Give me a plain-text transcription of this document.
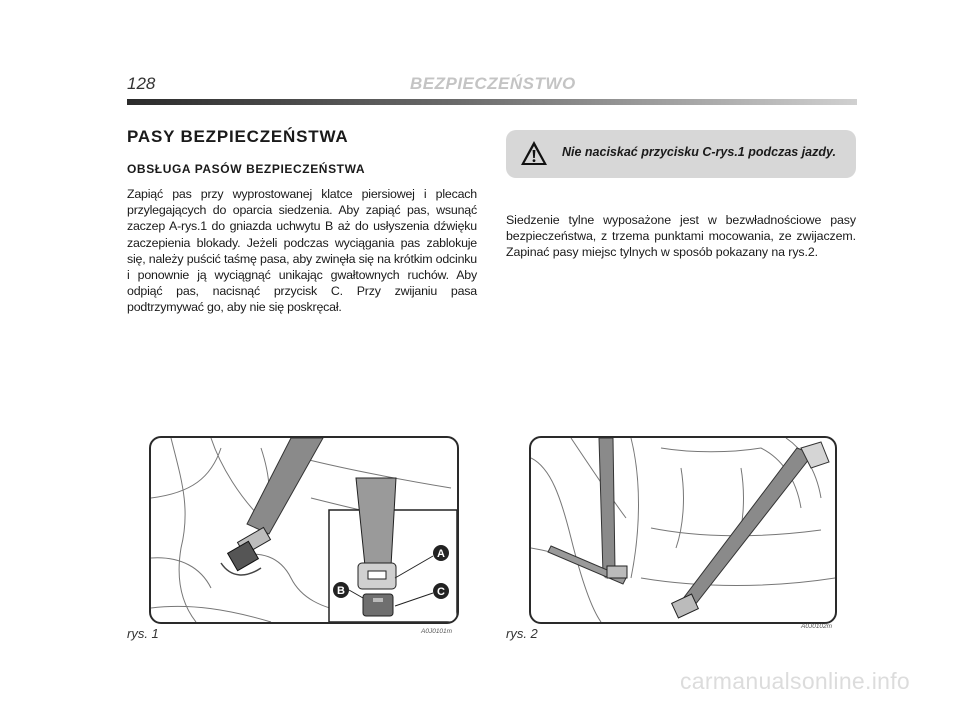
128	BEZPIECZEŃSTWO
PASY BEZPIECZEŃSTWA
OBSŁUGA PASÓW BEZPIECZEŃSTWA

Zapiąć pas przy wyprostowanej klatce piersiowej i plecach przylegających do oparcia siedzenia. Aby zapiąć pas, wsunąć zaczep A-rys.1 do gniazda uchwytu B aż do usłyszenia dźwięku zaczepienia blokady. Jeżeli podczas wyciągania pas zablokuje się, należy puścić taśmę pasa, aby zwinęła się na krótkim odcinku i ponownie ją wyciągnąć unikając gwałtownych ruchów. Aby odpiąć pas, nacisnąć przycisk C. Przy zwijaniu pasa podtrzymywać go, aby nie się poskręcał.

Nie naciskać przycisku C-rys.1 podczas jazdy.

Siedzenie tylne wyposażone jest w bezwładnościowe pasy bezpieczeństwa, z trzema punktami mocowania, ze zwijaczem. Zapinać pasy miejsc tylnych w sposób pokazany na rys.2.

A
B	C
rys. 1	A0J0101m	rys. 2	A0J0102m
carmanualsonline.info
